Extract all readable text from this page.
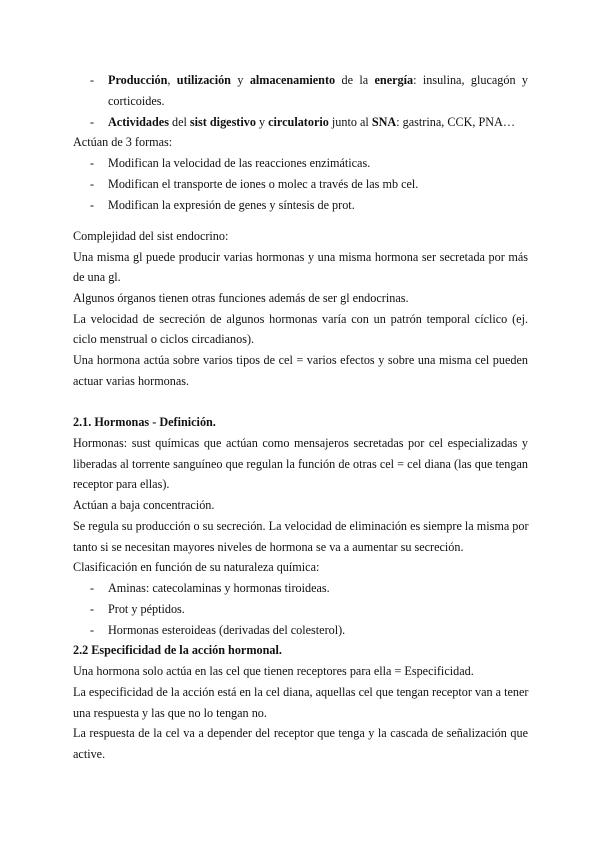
- Producción, utilización y almacenamiento de la energía: insulina, glucagón y
corticoides.
- Actividades del sist digestivo y circulatorio junto al SNA: gastrina, CCK, PNA…
Actúan de 3 formas:
- Modifican la velocidad de las reacciones enzimáticas.
- Modifican el transporte de iones o molec a través de las mb cel.
- Modifican la expresión de genes y síntesis de prot.
Complejidad del sist endocrino:
Una misma gl puede producir varias hormonas y una misma hormona ser secretada por más
de una gl.
Algunos órganos tienen otras funciones además de ser gl endocrinas.
La velocidad de secreción de algunos hormonas varía con un patrón temporal cíclico (ej.
ciclo menstrual o ciclos circadianos).
Una hormona actúa sobre varios tipos de cel = varios efectos y sobre una misma cel pueden
actuar varias hormonas.
2.1. Hormonas - Definición.
Hormonas: sust químicas que actúan como mensajeros secretadas por cel especializadas y
liberadas al torrente sanguíneo que regulan la función de otras cel = cel diana (las que tengan
receptor para ellas).
Actúan a baja concentración.
Se regula su producción o su secreción. La velocidad de eliminación es siempre la misma por
tanto si se necesitan mayores niveles de hormona se va a aumentar su secreción.
Clasificación en función de su naturaleza química:
- Aminas: catecolaminas y hormonas tiroideas.
- Prot y péptidos.
- Hormonas esteroideas (derivadas del colesterol).
2.2 Especificidad de la acción hormonal.
Una hormona solo actúa en las cel que tienen receptores para ella = Especificidad.
La especificidad de la acción está en la cel diana, aquellas cel que tengan receptor van a tener
una respuesta y las que no lo tengan no.
La respuesta de la cel va a depender del receptor que tenga y la cascada de señalización que
active.
